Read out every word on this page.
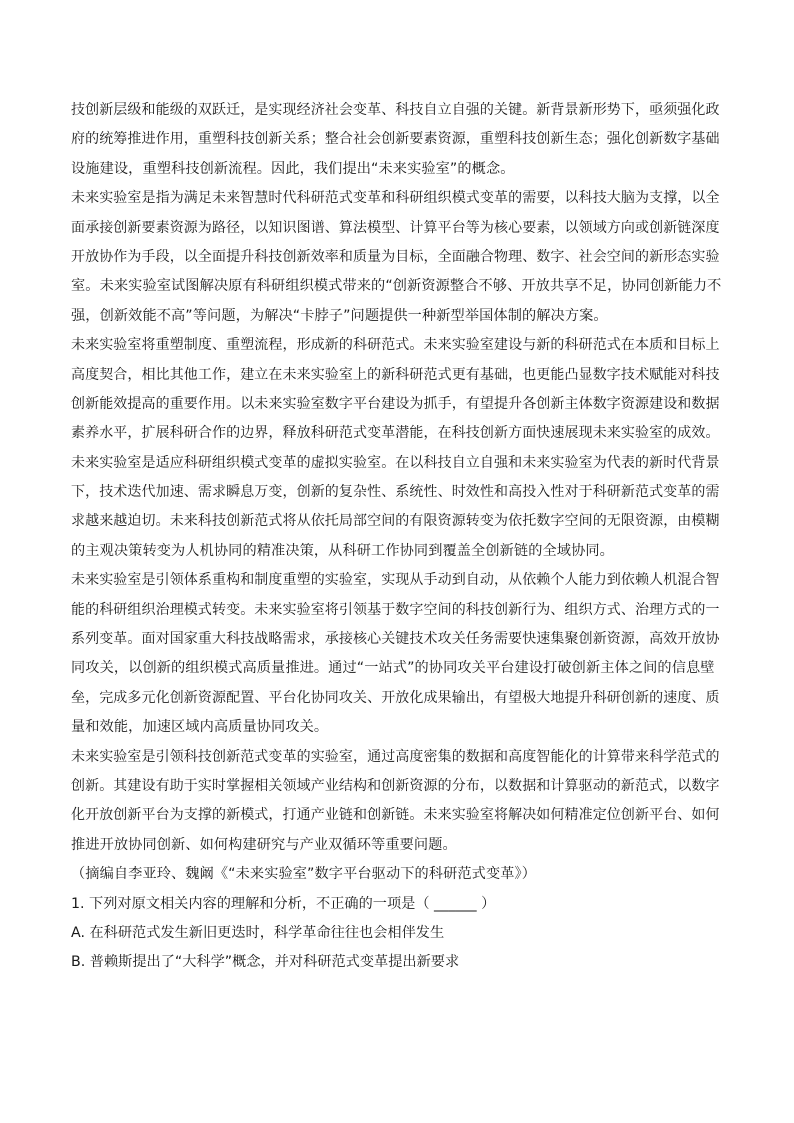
技创新层级和能级的双跃迁，是实现经济社会变革、科技自立自强的关键。新背景新形势下，亟须强化政
府的统筹推进作用，重塑科技创新关系；整合社会创新要素资源，重塑科技创新生态；强化创新数字基础
设施建设，重塑科技创新流程。因此，我们提出“未来实验室”的概念。
未来实验室是指为满足未来智慧时代科研范式变革和科研组织模式变革的需要，以科技大脑为支撑，以全
面承接创新要素资源为路径，以知识图谱、算法模型、计算平台等为核心要素，以领域方向或创新链深度
开放协作为手段，以全面提升科技创新效率和质量为目标，全面融合物理、数字、社会空间的新形态实验
室。未来实验室试图解决原有科研组织模式带来的“创新资源整合不够、开放共享不足，协同创新能力不
强，创新效能不高”等问题，为解决“卡脖子”问题提供一种新型举国体制的解决方案。
未来实验室将重塑制度、重塑流程，形成新的科研范式。未来实验室建设与新的科研范式在本质和目标上
高度契合，相比其他工作，建立在未来实验室上的新科研范式更有基础，也更能凸显数字技术赋能对科技
创新能效提高的重要作用。以未来实验室数字平台建设为抓手，有望提升各创新主体数字资源建设和数据
素养水平，扩展科研合作的边界，释放科研范式变革潜能，在科技创新方面快速展现未来实验室的成效。
未来实验室是适应科研组织模式变革的虚拟实验室。在以科技自立自强和未来实验室为代表的新时代背景
下，技术迭代加速、需求瞬息万变，创新的复杂性、系统性、时效性和高投入性对于科研新范式变革的需
求越来越迫切。未来科技创新范式将从依托局部空间的有限资源转变为依托数字空间的无限资源，由模糊
的主观决策转变为人机协同的精准决策，从科研工作协同到覆盖全创新链的全域协同。
未来实验室是引领体系重构和制度重塑的实验室，实现从手动到自动，从依赖个人能力到依赖人机混合智
能的科研组织治理模式转变。未来实验室将引领基于数字空间的科技创新行为、组织方式、治理方式的一
系列变革。面对国家重大科技战略需求，承接核心关键技术攻关任务需要快速集聚创新资源，高效开放协
同攻关，以创新的组织模式高质量推进。通过“一站式”的协同攻关平台建设打破创新主体之间的信息壁
垒，完成多元化创新资源配置、平台化协同攻关、开放化成果输出，有望极大地提升科研创新的速度、质
量和效能，加速区域内高质量协同攻关。
未来实验室是引领科技创新范式变革的实验室，通过高度密集的数据和高度智能化的计算带来科学范式的
创新。其建设有助于实时掌握相关领域产业结构和创新资源的分布，以数据和计算驱动的新范式，以数字
化开放创新平台为支撑的新模式，打通产业链和创新链。未来实验室将解决如何精准定位创新平台、如何
推进开放协同创新、如何构建研究与产业双循环等重要问题。
（摘编自李亚玲、魏阚《“未来实验室”数字平台驱动下的科研范式变革》）
1. 下列对原文相关内容的理解和分析，不正确的一项是（ ______ ）
A. 在科研范式发生新旧更迭时，科学革命往往也会相伴发生
B. 普赖斯提出了“大科学”概念，并对科研范式变革提出新要求
